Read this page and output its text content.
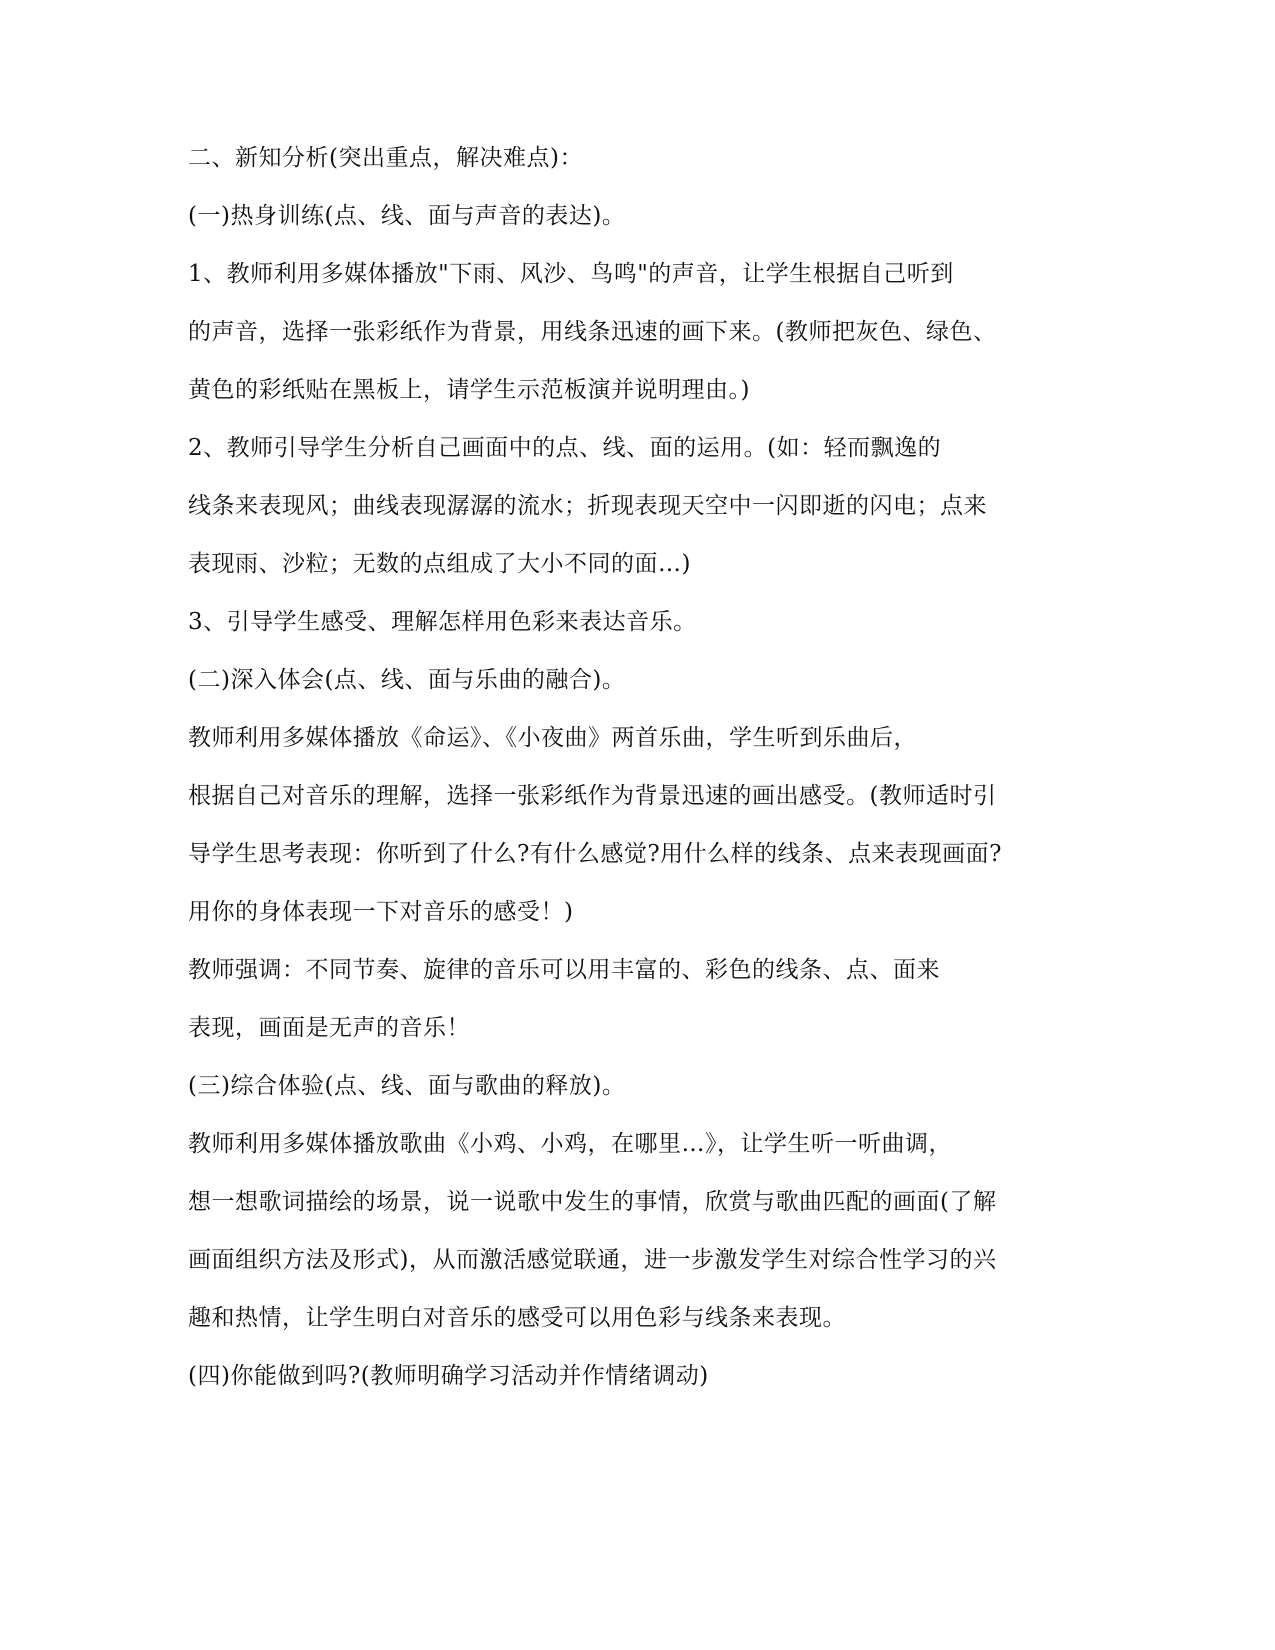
二、新知分析(突出重点，解决难点)：
(一)热身训练(点、线、面与声音的表达)。
1、教师利用多媒体播放"下雨、风沙、鸟鸣"的声音，让学生根据自己听到
的声音，选择一张彩纸作为背景，用线条迅速的画下来。(教师把灰色、绿色、
黄色的彩纸贴在黑板上，请学生示范板演并说明理由。)
2、教师引导学生分析自己画面中的点、线、面的运用。(如：轻而飘逸的
线条来表现风；曲线表现潺潺的流水；折现表现天空中一闪即逝的闪电；点来
表现雨、沙粒；无数的点组成了大小不同的面…)
3、引导学生感受、理解怎样用色彩来表达音乐。
(二)深入体会(点、线、面与乐曲的融合)。
教师利用多媒体播放《命运》、《小夜曲》两首乐曲，学生听到乐曲后，
根据自己对音乐的理解，选择一张彩纸作为背景迅速的画出感受。(教师适时引
导学生思考表现：你听到了什么?有什么感觉?用什么样的线条、点来表现画面?
用你的身体表现一下对音乐的感受！)
教师强调：不同节奏、旋律的音乐可以用丰富的、彩色的线条、点、面来
表现，画面是无声的音乐！
(三)综合体验(点、线、面与歌曲的释放)。
教师利用多媒体播放歌曲《小鸡、小鸡，在哪里…》，让学生听一听曲调，
想一想歌词描绘的场景，说一说歌中发生的事情，欣赏与歌曲匹配的画面(了解
画面组织方法及形式)，从而激活感觉联通，进一步激发学生对综合性学习的兴
趣和热情，让学生明白对音乐的感受可以用色彩与线条来表现。
(四)你能做到吗?(教师明确学习活动并作情绪调动)
